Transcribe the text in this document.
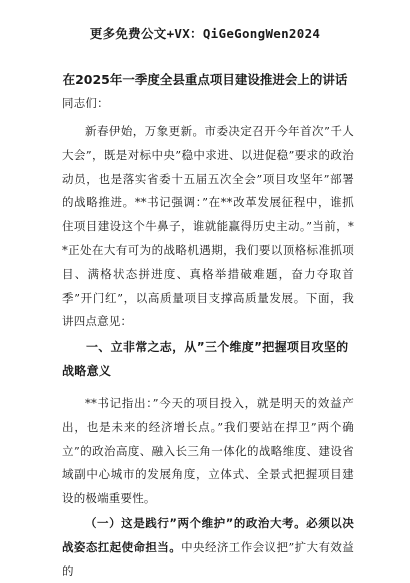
更多免费公文+VX：QiGeGongWen2024
在2025年一季度全县重点项目建设推进会上的讲话
同志们：
新春伊始，万象更新。市委决定召开今年首次”千人大会”，既是对标中央”稳中求进、以进促稳”要求的政治动员，也是落实省委十五届五次全会”项目攻坚年”部署的战略推进。**书记强调：”在**改革发展征程中，谁抓住项目建设这个牛鼻子，谁就能赢得历史主动。”当前，**正处在大有可为的战略机遇期，我们要以顶格标准抓项目、满格状态拼进度、真格举措破难题，奋力夺取首季”开门红”，以高质量项目支撑高质量发展。下面，我讲四点意见：
一、立非常之志，从”三个维度”把握项目攻坚的战略意义
**书记指出：”今天的项目投入，就是明天的效益产出，也是未来的经济增长点。”我们要站在捍卫”两个确立”的政治高度、融入长三角一体化的战略维度、建设省域副中心城市的发展角度，立体式、全景式把握项目建设的极端重要性。
（一）这是践行”两个维护”的政治大考。必须以决战姿态扛起使命担当。中央经济工作会议把”扩大有效益的
